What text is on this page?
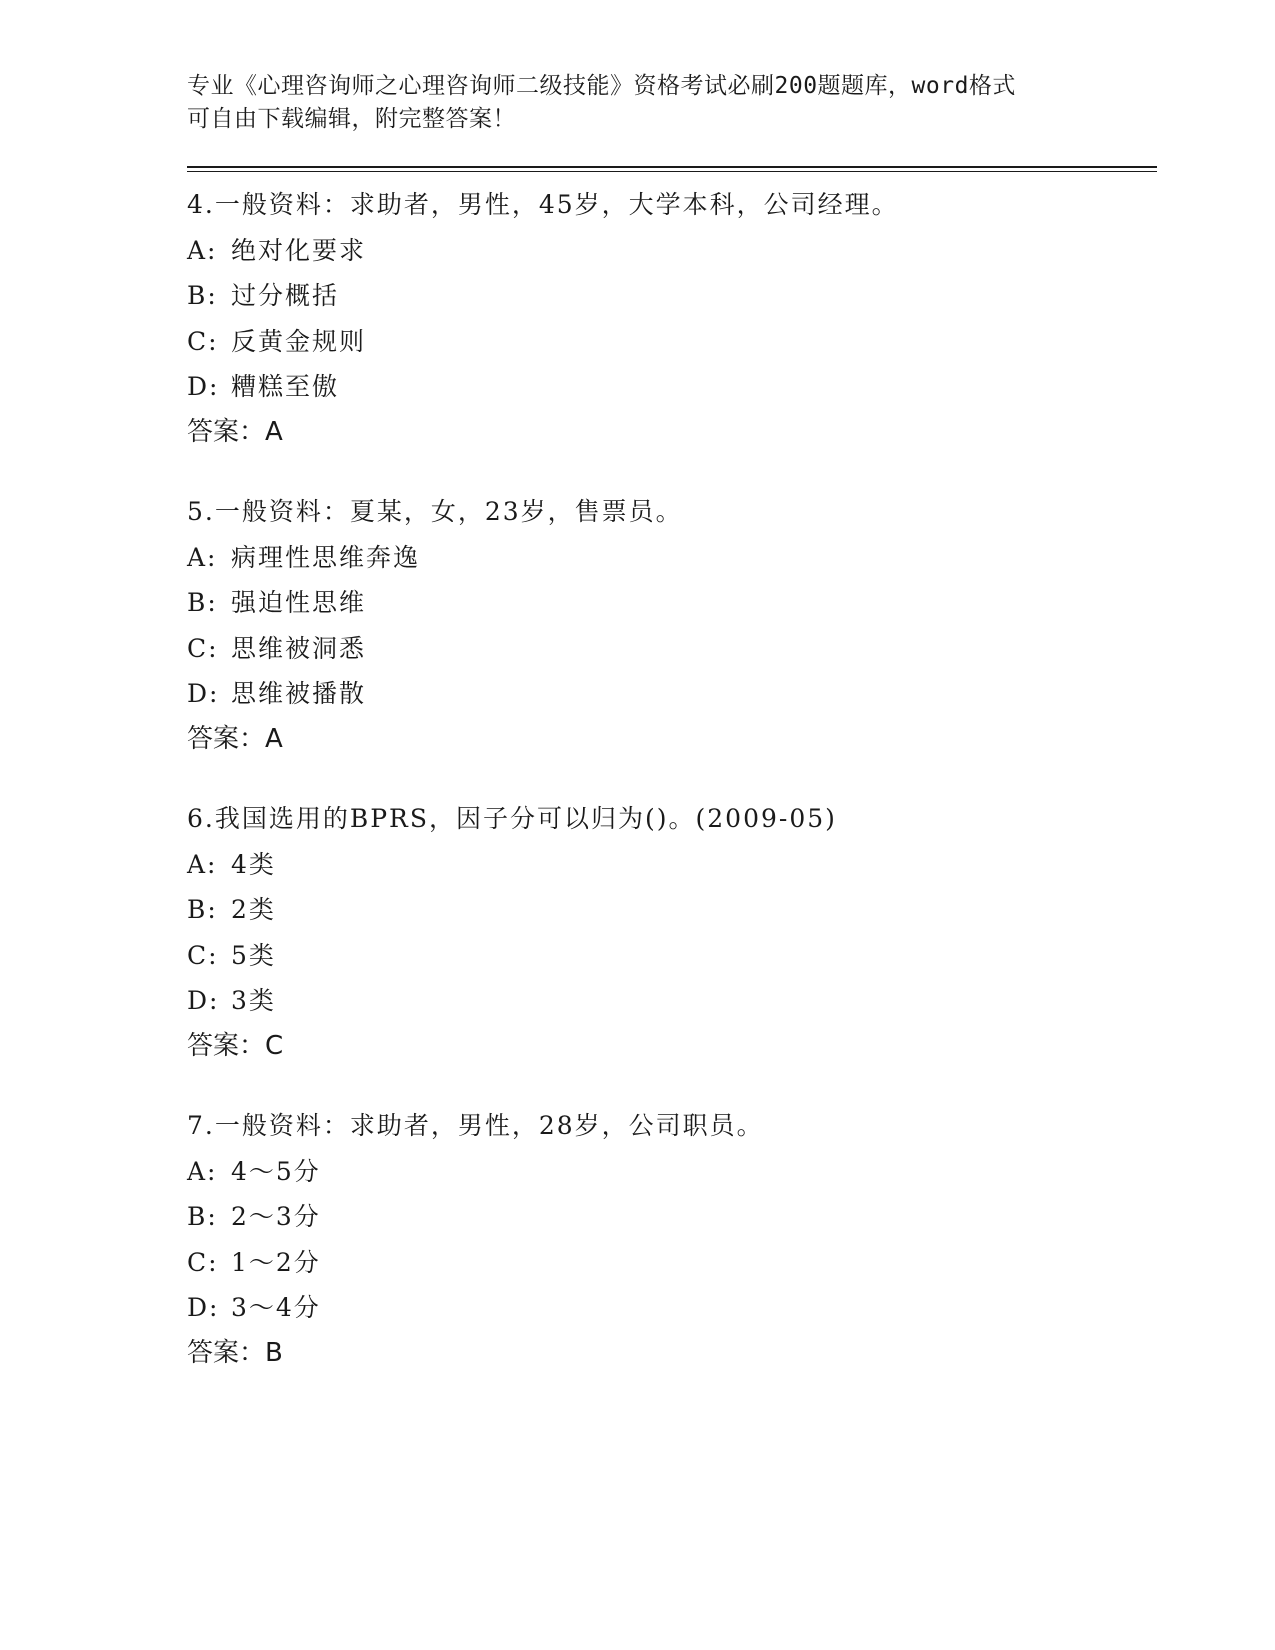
专业《心理咨询师之心理咨询师二级技能》资格考试必刷200题题库，word格式
可自由下载编辑，附完整答案！

4.一般资料：求助者，男性，45岁，大学本科，公司经理。
A: 绝对化要求
B: 过分概括
C: 反黄金规则
D: 糟糕至傲
答案：A
5.一般资料：夏某，女，23岁，售票员。
A: 病理性思维奔逸
B: 强迫性思维
C: 思维被洞悉
D: 思维被播散
答案：A
6.我国选用的BPRS，因子分可以归为()。(2009-05)
A: 4类
B: 2类
C: 5类
D: 3类
答案：C
7.一般资料：求助者，男性，28岁，公司职员。
A: 4～5分
B: 2～3分
C: 1～2分
D: 3～4分
答案：B
